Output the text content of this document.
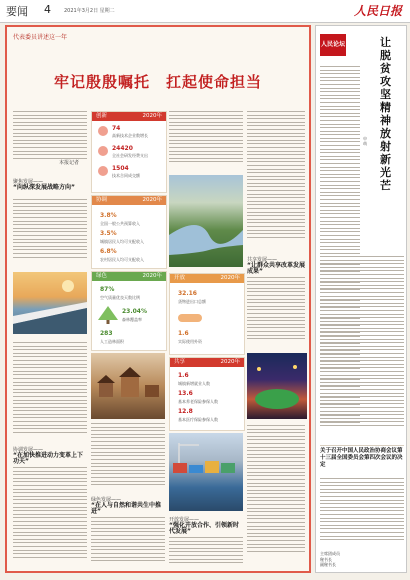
要闻 4	2021年3月2日 星期二	人民日报
代表委员讲述这一年
牢记殷殷嘱托　扛起使命担当
本报记者
聚焦发展——
“向纵深发展战略方向”
协调发展——
“在加快推进动力变革上下功夫”
创新	2020年
74
高新技术企业数增长
24420
全社会研发经费支出
1504
技术合同成交额
协调	2020年
3.8%
全国一般公共预算收入
3.5%
城镇居民人均可支配收入
6.8%
农村居民人均可支配收入
绿色	2020年
87%
空气质量优良天数比例
23.04%
森林覆盖率
283
人工造林面积
开放	2020年
32.16
货物进出口总额
1.6
实际使用外资
共享	2020年
1.6
城镇新增就业人数
13.6
基本养老保险参保人数
12.8
基本医疗保险参保人数
绿色发展——
“在人与自然和谐共生中推进”
开放发展——
“强化开放合作、引领新时代发展”
共享发展——
“让群众共享改革发展成果”
人民论坛	让脱贫攻坚精神放射新光芒
申　萌
关于召开中国人民政治协商会议第十三届全国委员会第四次会议的决定
主席团成员
秘书长
副秘书长
